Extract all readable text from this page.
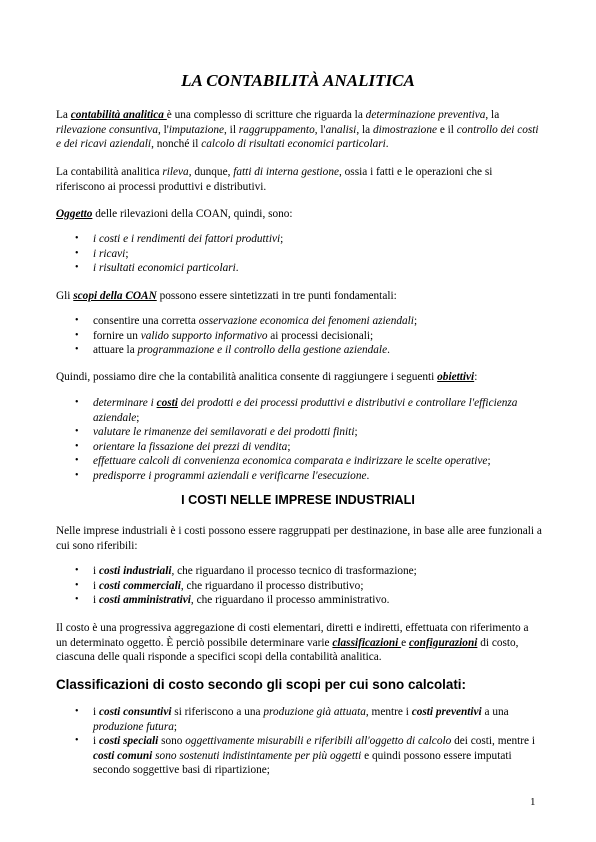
LA CONTABILITÀ ANALITICA

La contabilità analitica è una complesso di scritture che riguarda la determinazione preventiva, la rilevazione consuntiva, l'imputazione, il raggruppamento, l'analisi, la dimostrazione e il controllo dei costi e dei ricavi aziendali, nonché il calcolo di risultati economici particolari.

La contabilità analitica rileva, dunque, fatti di interna gestione, ossia i fatti e le operazioni che si riferiscono ai processi produttivi e distributivi.

Oggetto delle rilevazioni della COAN, quindi, sono:

• i costi e i rendimenti dei fattori produttivi;
• i ricavi;
• i risultati economici particolari.

Gli scopi della COAN possono essere sintetizzati in tre punti fondamentali:

• consentire una corretta osservazione economica dei fenomeni aziendali;
• fornire un valido supporto informativo ai processi decisionali;
• attuare la programmazione e il controllo della gestione aziendale.

Quindi, possiamo dire che la contabilità analitica consente di raggiungere i seguenti obiettivi:

• determinare i costi dei prodotti e dei processi produttivi e distributivi e controllare l'efficienza aziendale;
• valutare le rimanenze dei semilavorati e dei prodotti finiti;
• orientare la fissazione dei prezzi di vendita;
• effettuare calcoli di convenienza economica comparata e indirizzare le scelte operative;
• predisporre i programmi aziendali e verificarne l'esecuzione.
I COSTI NELLE IMPRESE INDUSTRIALI

Nelle imprese industriali è i costi possono essere raggruppati per destinazione, in base alle aree funzionali a cui sono riferibili:

• i costi industriali, che riguardano il processo tecnico di trasformazione;
• i costi commerciali, che riguardano il processo distributivo;
• i costi amministrativi, che riguardano il processo amministrativo.

Il costo è una progressiva aggregazione di costi elementari, diretti e indiretti, effettuata con riferimento a un determinato oggetto. È perciò possibile determinare varie classificazioni e configurazioni di costo, ciascuna delle quali risponde a specifici scopi della contabilità analitica.

Classificazioni di costo secondo gli scopi per cui sono calcolati:
• i costi consuntivi si riferiscono a una produzione già attuata, mentre i costi preventivi a una produzione futura;
• i costi speciali sono oggettivamente misurabili e riferibili all'oggetto di calcolo dei costi, mentre i costi comuni sono sostenuti indistintamente per più oggetti e quindi possono essere imputati secondo soggettive basi di ripartizione;
1
